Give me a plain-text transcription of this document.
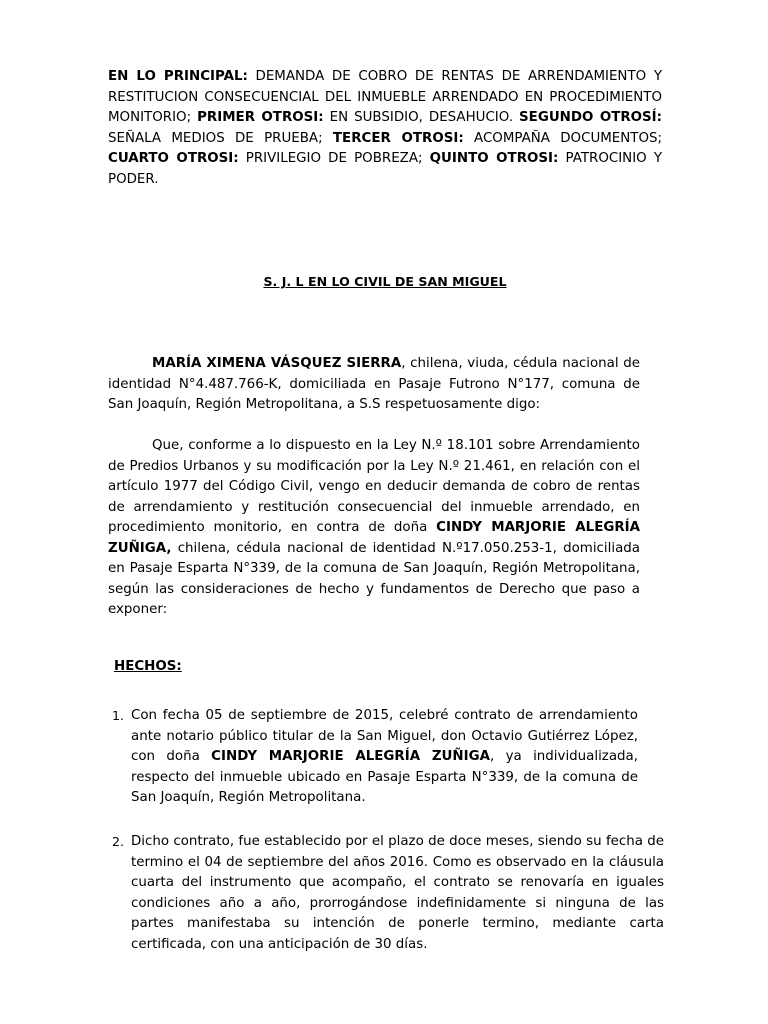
EN LO PRINCIPAL: DEMANDA DE COBRO DE RENTAS DE ARRENDAMIENTO Y RESTITUCION CONSECUENCIAL DEL INMUEBLE ARRENDADO EN PROCEDIMIENTO MONITORIO; PRIMER OTROSI: EN SUBSIDIO, DESAHUCIO. SEGUNDO OTROSÍ: SEÑALA MEDIOS DE PRUEBA; TERCER OTROSI: ACOMPAÑA DOCUMENTOS; CUARTO OTROSI: PRIVILEGIO DE POBREZA; QUINTO OTROSI: PATROCINIO Y PODER.
S. J. L EN LO CIVIL DE SAN MIGUEL
MARÍA XIMENA VÁSQUEZ SIERRA, chilena, viuda, cédula nacional de identidad N°4.487.766-K, domiciliada en Pasaje Futrono N°177, comuna de San Joaquín, Región Metropolitana, a S.S respetuosamente digo:
Que, conforme a lo dispuesto en la Ley N.º 18.101 sobre Arrendamiento de Predios Urbanos y su modificación por la Ley N.º 21.461, en relación con el artículo 1977 del Código Civil, vengo en deducir demanda de cobro de rentas de arrendamiento y restitución consecuencial del inmueble arrendado, en procedimiento monitorio, en contra de doña CINDY MARJORIE ALEGRÍA ZUÑIGA, chilena, cédula nacional de identidad N.º17.050.253-1, domiciliada en Pasaje Esparta N°339, de la comuna de San Joaquín, Región Metropolitana, según las consideraciones de hecho y fundamentos de Derecho que paso a exponer:
HECHOS:
1. Con fecha 05 de septiembre de 2015, celebré contrato de arrendamiento ante notario público titular de la San Miguel, don Octavio Gutiérrez López, con doña CINDY MARJORIE ALEGRÍA ZUÑIGA, ya individualizada, respecto del inmueble ubicado en Pasaje Esparta N°339, de la comuna de San Joaquín, Región Metropolitana.
2. Dicho contrato, fue establecido por el plazo de doce meses, siendo su fecha de termino el 04 de septiembre del años 2016. Como es observado en la cláusula cuarta del instrumento que acompaño, el contrato se renovaría en iguales condiciones año a año, prorrogándose indefinidamente si ninguna de las partes manifestaba su intención de ponerle termino, mediante carta certificada, con una anticipación de 30 días.
